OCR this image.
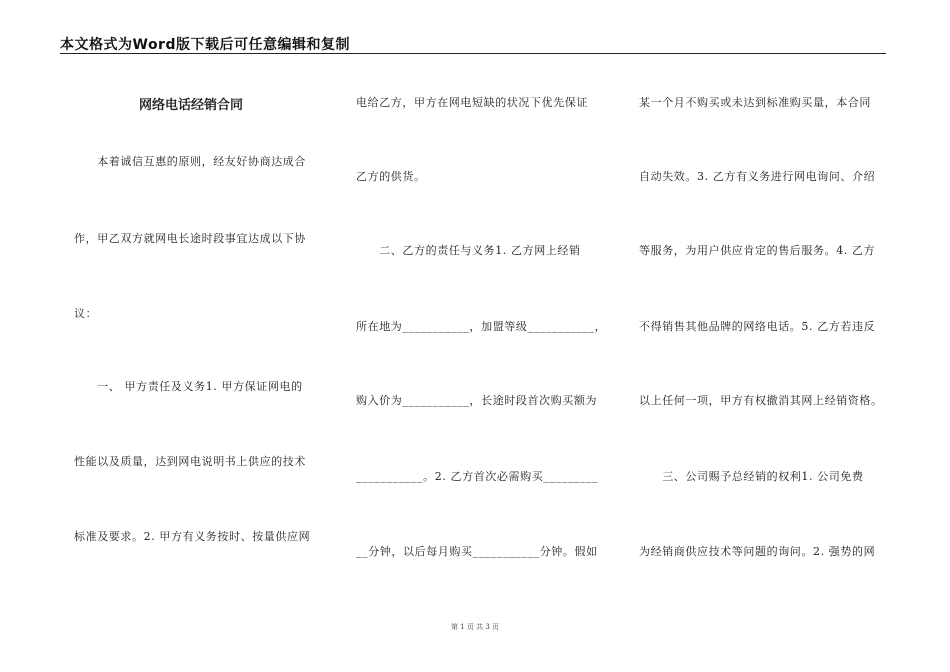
本文格式为Word版下载后可任意编辑和复制
网络电话经销合同
　　本着诚信互惠的原则，经友好协商达成合
作，甲乙双方就网电长途时段事宜达成以下协
议：
　　一、 甲方责任及义务1. 甲方保证网电的
性能以及质量，达到网电说明书上供应的技术
标准及要求。2. 甲方有义务按时、按量供应网
电给乙方，甲方在网电短缺的状况下优先保证
乙方的供货。
　　二、乙方的责任与义务1. 乙方网上经销
所在地为___________，加盟等级___________，
购入价为___________，长途时段首次购买额为
___________。2. 乙方首次必需购买_________
__分钟，以后每月购买___________分钟。假如
某一个月不购买或未达到标准购买量，本合同
自动失效。3. 乙方有义务进行网电询问、介绍
等服务，为用户供应肯定的售后服务。4. 乙方
不得销售其他品牌的网络电话。5. 乙方若违反
以上任何一项，甲方有权撤消其网上经销资格。
　　三、公司赐予总经销的权利1. 公司免费
为经销商供应技术等问题的询问。2. 强势的网
第 1 页 共 3 页
